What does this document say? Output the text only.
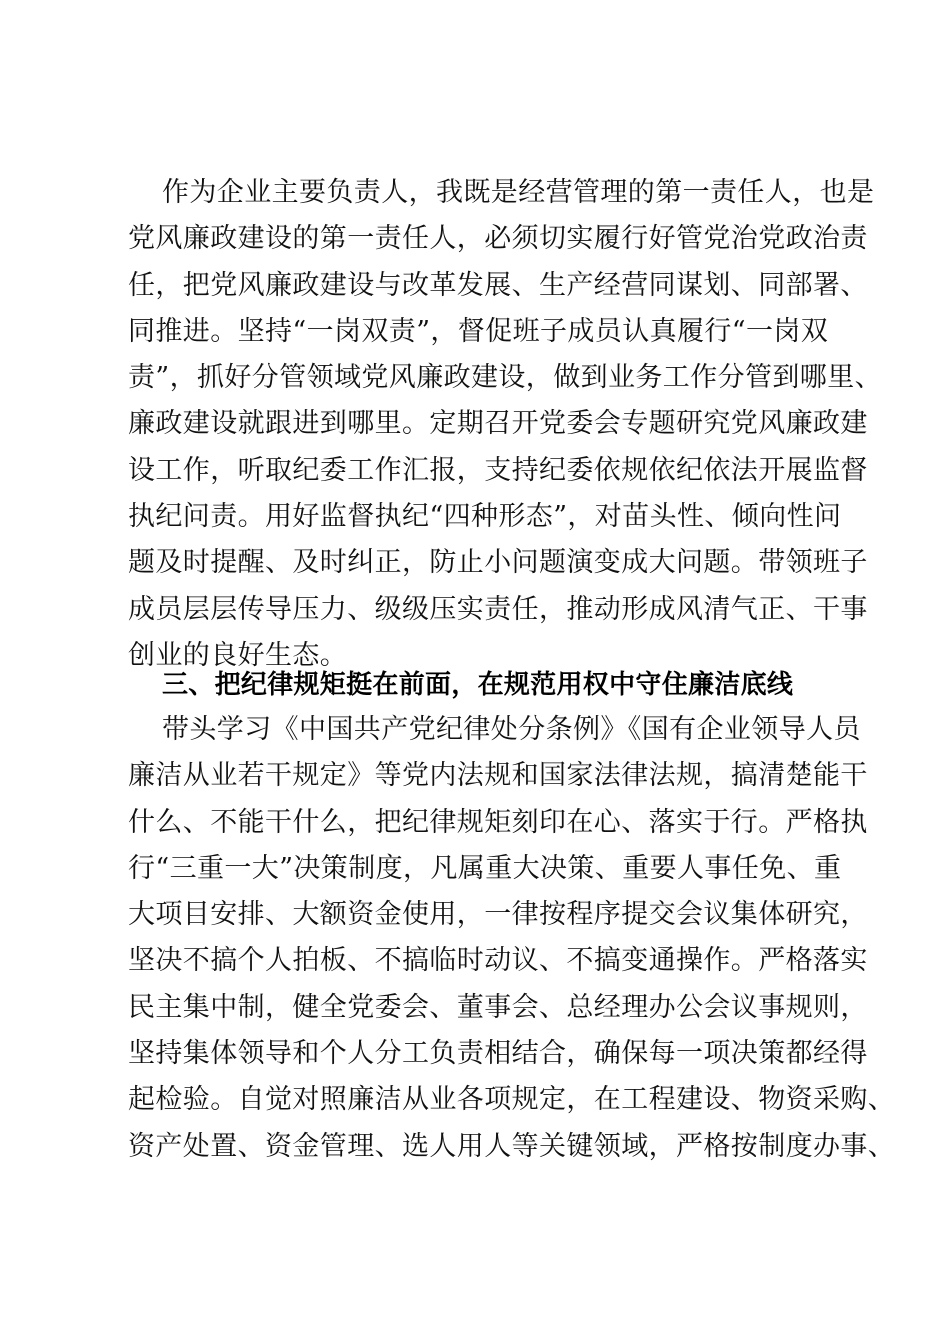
作为企业主要负责人，我既是经营管理的第一责任人，也是
党风廉政建设的第一责任人，必须切实履行好管党治党政治责
任，把党风廉政建设与改革发展、生产经营同谋划、同部署、
同推进。坚持“一岗双责”，督促班子成员认真履行“一岗双
责”，抓好分管领域党风廉政建设，做到业务工作分管到哪里、
廉政建设就跟进到哪里。定期召开党委会专题研究党风廉政建
设工作，听取纪委工作汇报，支持纪委依规依纪依法开展监督
执纪问责。用好监督执纪“四种形态”，对苗头性、倾向性问
题及时提醒、及时纠正，防止小问题演变成大问题。带领班子
成员层层传导压力、级级压实责任，推动形成风清气正、干事
创业的良好生态。
三、把纪律规矩挺在前面，在规范用权中守住廉洁底线
带头学习《中国共产党纪律处分条例》《国有企业领导人员
廉洁从业若干规定》等党内法规和国家法律法规，搞清楚能干
什么、不能干什么，把纪律规矩刻印在心、落实于行。严格执
行“三重一大”决策制度，凡属重大决策、重要人事任免、重
大项目安排、大额资金使用，一律按程序提交会议集体研究，
坚决不搞个人拍板、不搞临时动议、不搞变通操作。严格落实
民主集中制，健全党委会、董事会、总经理办公会议事规则，
坚持集体领导和个人分工负责相结合，确保每一项决策都经得
起检验。自觉对照廉洁从业各项规定，在工程建设、物资采购、
资产处置、资金管理、选人用人等关键领域，严格按制度办事、
